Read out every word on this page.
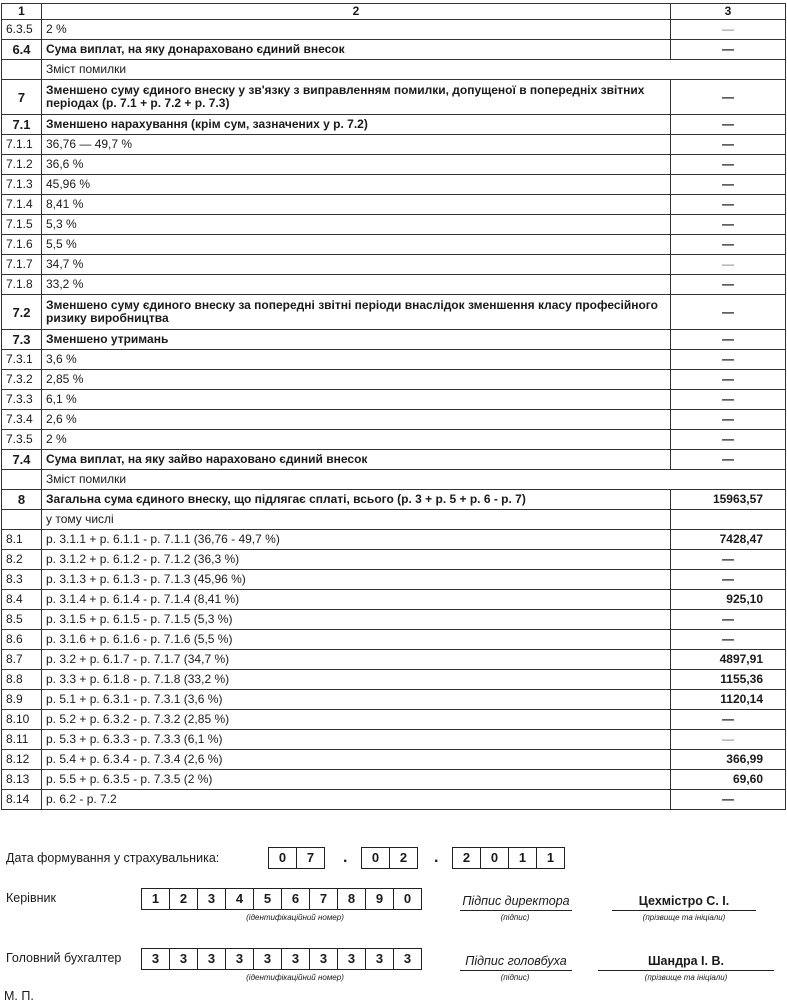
1	2	3
6.3.5	2 %	—
6.4	Сума виплат, на яку донараховано єдиний внесок	—
	Зміст помилки	
7	Зменшено суму єдиного внеску у зв'язку з виправленням помилки, допущеної в попередніх звітних періодах (р. 7.1 + р. 7.2 + р. 7.3)	—
7.1	Зменшено нарахування (крім сум, зазначених у р. 7.2)	—
7.1.1	36,76 — 49,7 %	—
7.1.2	36,6 %	—
7.1.3	45,96 %	—
7.1.4	8,41 %	—
7.1.5	5,3 %	—
7.1.6	5,5 %	—
7.1.7	34,7 %	—
7.1.8	33,2 %	—
7.2	Зменшено суму єдиного внеску за попередні звітні періоди внаслідок зменшення класу професійного ризику виробництва	—
7.3	Зменшено утримань	—
7.3.1	3,6 %	—
7.3.2	2,85 %	—
7.3.3	6,1 %	—
7.3.4	2,6 %	—
7.3.5	2 %	—
7.4	Сума виплат, на яку зайво нараховано єдиний внесок	—
	Зміст помилки	
8	Загальна сума єдиного внеску, що підлягає сплаті, всього (р. 3 + р. 5 + р. 6 - р. 7)	15963,57
	у тому числі	
8.1	р. 3.1.1 + р. 6.1.1 - р. 7.1.1 (36,76 - 49,7 %)	7428,47
8.2	р. 3.1.2 + р. 6.1.2 - р. 7.1.2 (36,3 %)	—
8.3	р. 3.1.3 + р. 6.1.3 - р. 7.1.3 (45,96 %)	—
8.4	р. 3.1.4 + р. 6.1.4 - р. 7.1.4 (8,41 %)	925,10
8.5	р. 3.1.5 + р. 6.1.5 - р. 7.1.5 (5,3 %)	—
8.6	р. 3.1.6 + р. 6.1.6 - р. 7.1.6 (5,5 %)	—
8.7	р. 3.2 + р. 6.1.7 - р. 7.1.7 (34,7 %)	4897,91
8.8	р. 3.3 + р. 6.1.8 - р. 7.1.8 (33,2 %)	1155,36
8.9	р. 5.1 + р. 6.3.1 - р. 7.3.1 (3,6 %)	1120,14
8.10	р. 5.2 + р. 6.3.2 - р. 7.3.2 (2,85 %)	—
8.11	р. 5.3 + р. 6.3.3 - р. 7.3.3 (6,1 %)	—
8.12	р. 5.4 + р. 6.3.4 - р. 7.3.4 (2,6 %)	366,99
8.13	р. 5.5 + р. 6.3.5 - р. 7.3.5 (2 %)	69,60
8.14	р. 6.2 - р. 7.2	—
Дата формування у страхувальника:	0	7	.	0	2	.	2	0	1	1
Керівник	1	2	3	4	5	6	7	8	9	0
(ідентифікаційний номер)
Підпис директора
(підпис)
Цехмістро С. І.
(прізвище та ініціали)
Головний бухгалтер	3	3	3	3	3	3	3	3	3	3
(ідентифікаційний номер)
Підпис головбуха
(підпис)
Шандра І. В.
(прізвище та ініціали)
М. П.
